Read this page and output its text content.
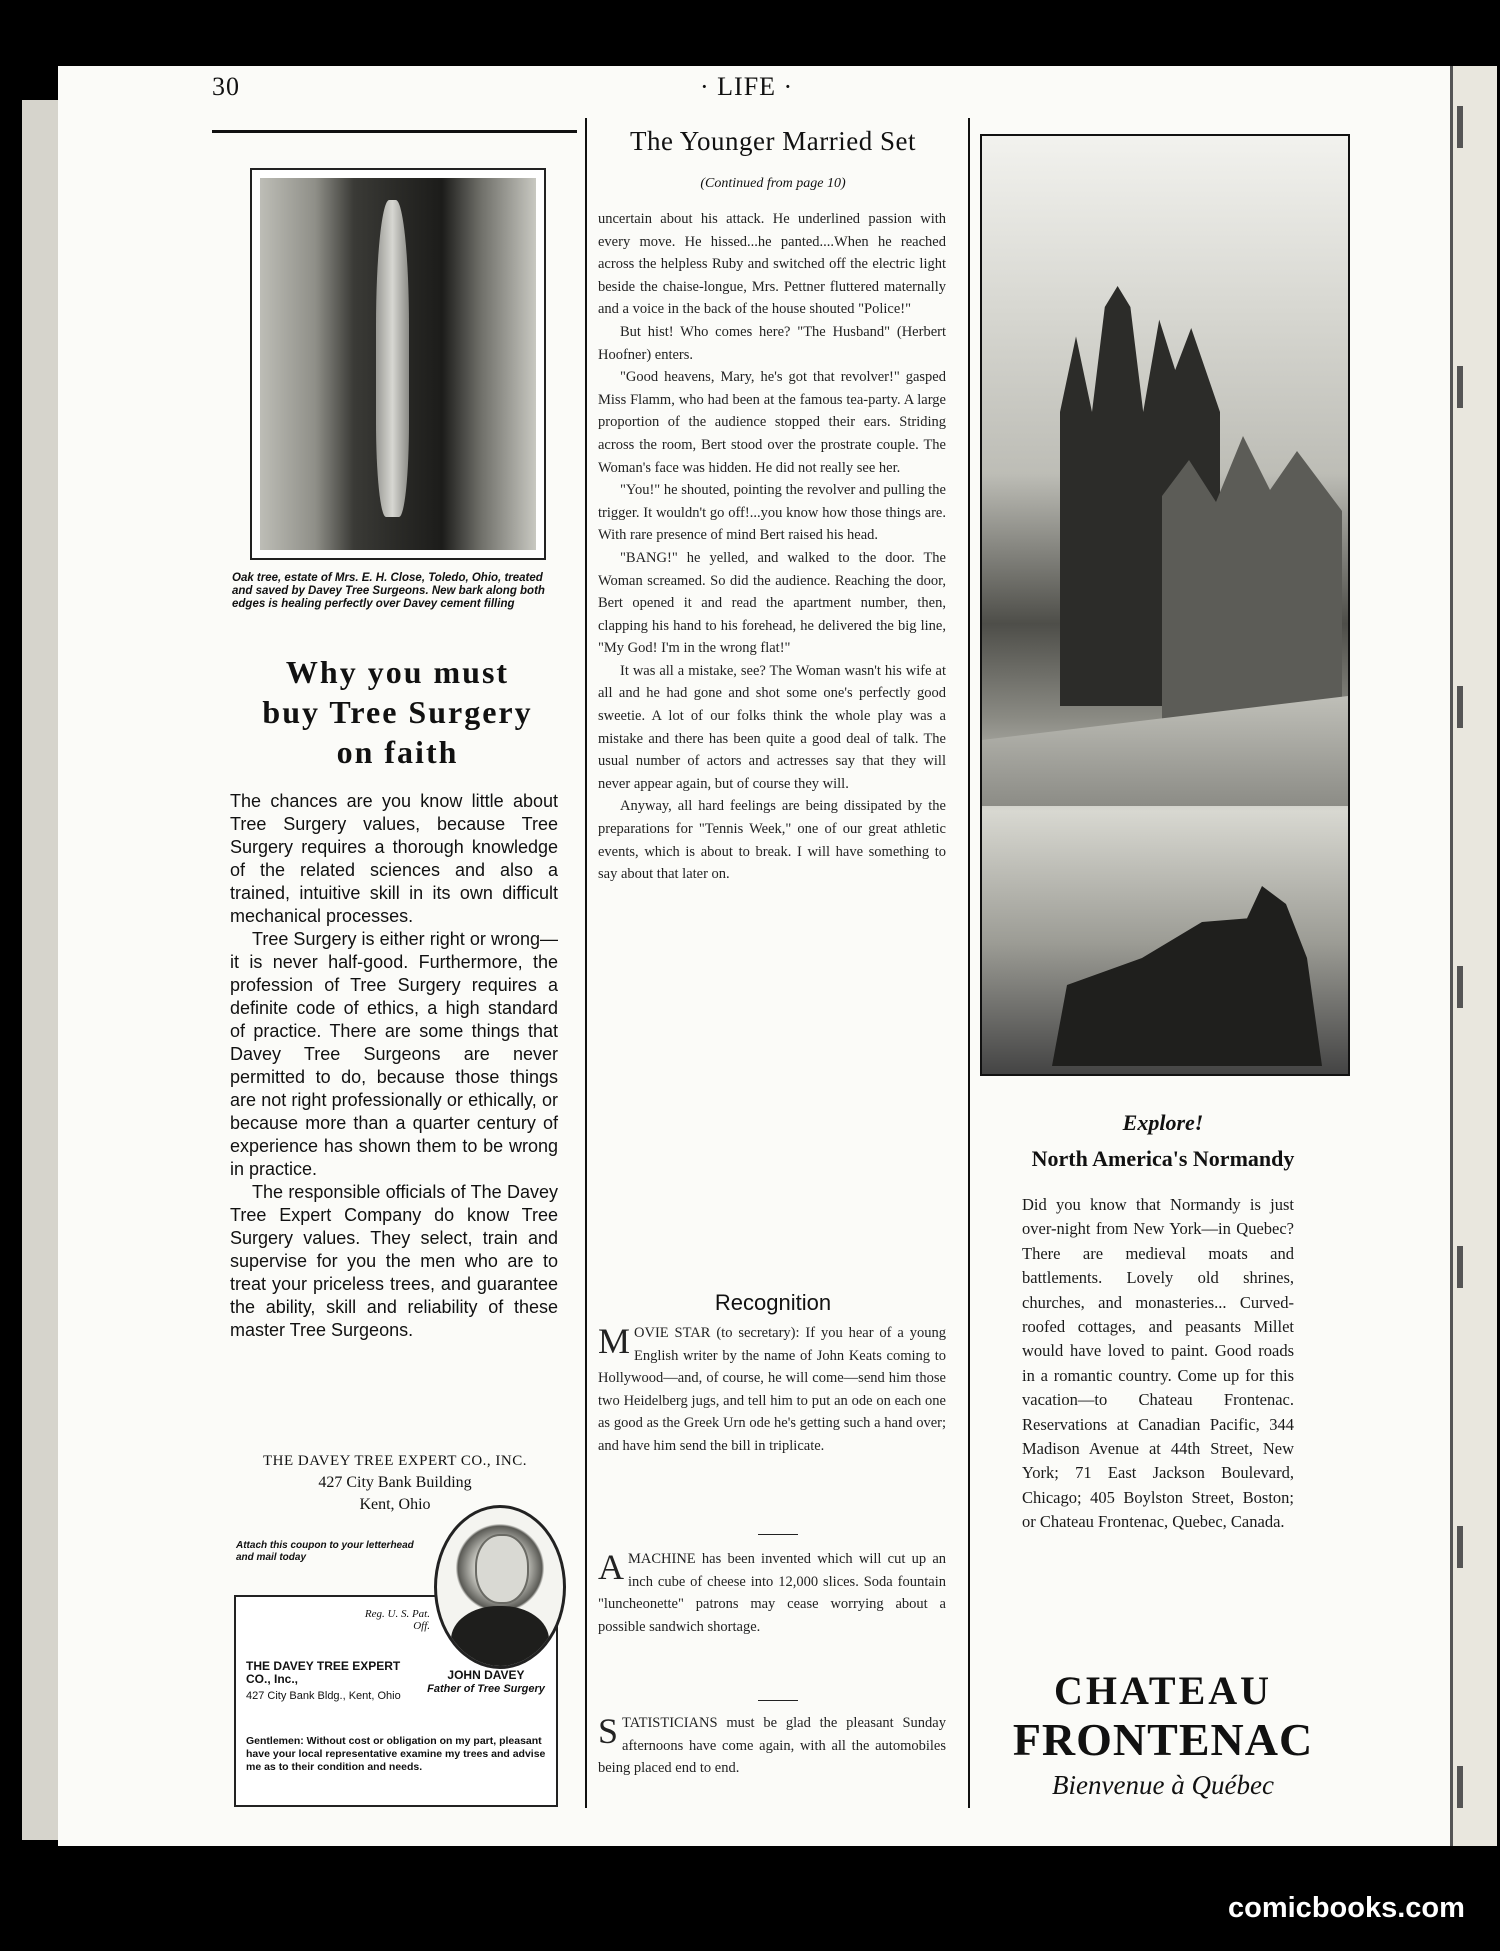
30	· LIFE ·
Oak tree, estate of Mrs. E. H. Close, Toledo, Ohio, treated and saved by Davey Tree Surgeons. New bark along both edges is healing perfectly over Davey cement filling
Why you must
buy Tree Surgery
on faith

The chances are you know little about Tree Surgery values, because Tree Surgery requires a thorough knowledge of the related sciences and also a trained, intuitive skill in its own difficult mechanical processes.

Tree Surgery is either right or wrong—it is never half-good. Furthermore, the profession of Tree Surgery requires a definite code of ethics, a high standard of practice. There are some things that Davey Tree Surgeons are never permitted to do, because those things are not right professionally or ethically, or because more than a quarter century of experience has shown them to be wrong in practice.

The responsible officials of The Davey Tree Expert Company do know Tree Surgery values. They select, train and supervise for you the men who are to treat your priceless trees, and guarantee the ability, skill and reliability of these master Tree Surgeons.

THE DAVEY TREE EXPERT CO., INC.
427 City Bank Building
Kent, Ohio
Attach this coupon to your letterhead and mail today
Reg. U. S. Pat. Off.
THE DAVEY TREE EXPERT CO., Inc.,
427 City Bank Bldg., Kent, Ohio
JOHN DAVEY
Father of Tree Surgery
Gentlemen: Without cost or obligation on my part, pleasant have your local representative examine my trees and advise me as to their condition and needs.
The Younger Married Set
(Continued from page 10)

uncertain about his attack. He underlined passion with every move. He hissed...he panted....When he reached across the helpless Ruby and switched off the electric light beside the chaise-longue, Mrs. Pettner fluttered maternally and a voice in the back of the house shouted "Police!"

But hist! Who comes here? "The Husband" (Herbert Hoofner) enters.

"Good heavens, Mary, he's got that revolver!" gasped Miss Flamm, who had been at the famous tea-party. A large proportion of the audience stopped their ears. Striding across the room, Bert stood over the prostrate couple. The Woman's face was hidden. He did not really see her.

"You!" he shouted, pointing the revolver and pulling the trigger. It wouldn't go off!...you know how those things are. With rare presence of mind Bert raised his head.

"BANG!" he yelled, and walked to the door. The Woman screamed. So did the audience. Reaching the door, Bert opened it and read the apartment number, then, clapping his hand to his forehead, he delivered the big line, "My God! I'm in the wrong flat!"

It was all a mistake, see? The Woman wasn't his wife at all and he had gone and shot some one's perfectly good sweetie. A lot of our folks think the whole play was a mistake and there has been quite a good deal of talk. The usual number of actors and actresses say that they will never appear again, but of course they will.

Anyway, all hard feelings are being dissipated by the preparations for "Tennis Week," one of our great athletic events, which is about to break. I will have something to say about that later on.

Recognition
MOVIE STAR (to secretary): If you hear of a young English writer by the name of John Keats coming to Hollywood—and, of course, he will come—send him those two Heidelberg jugs, and tell him to put an ode on each one as good as the Greek Urn ode he's getting such a hand over; and have him send the bill in triplicate.
AMACHINE has been invented which will cut up an inch cube of cheese into 12,000 slices. Soda fountain "luncheonette" patrons may cease worrying about a possible sandwich shortage.
STATISTICIANS must be glad the pleasant Sunday afternoons have come again, with all the automobiles being placed end to end.
Explore!
North America's Normandy
Did you know that Normandy is just over-night from New York—in Quebec? There are medieval moats and battlements. Lovely old shrines, churches, and monasteries... Curved-roofed cottages, and peasants Millet would have loved to paint. Good roads in a romantic country. Come up for this vacation—to Chateau Frontenac. Reservations at Canadian Pacific, 344 Madison Avenue at 44th Street, New York; 71 East Jackson Boulevard, Chicago; 405 Boylston Street, Boston; or Chateau Frontenac, Quebec, Canada.
CHATEAU
FRONTENAC
Bienvenue à Québec
comicbooks.com
